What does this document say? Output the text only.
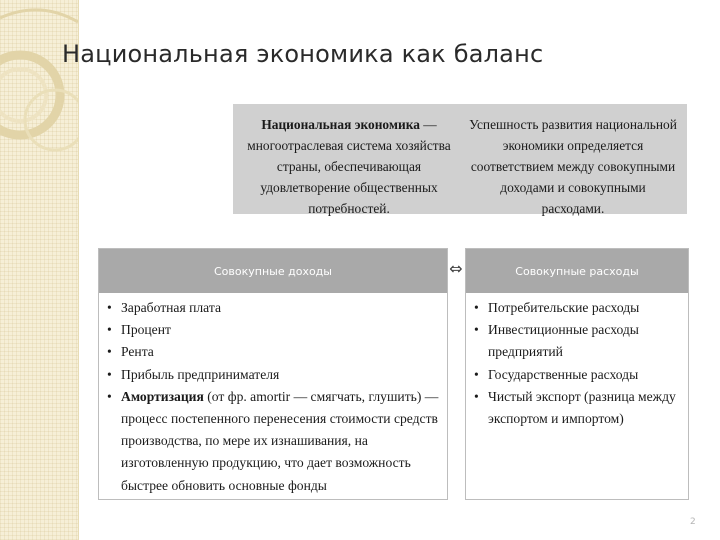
Национальная экономика как баланс
Национальная экономика — многоотраслевая система хозяйства страны, обеспечивающая удовлетворение общественных потребностей.
Успешность развития национальной экономики определяется соответствием между совокупными доходами и совокупными расходами.
Совокупные доходы
• Заработная плата
• Процент
• Рента
• Прибыль предпринимателя
• Амортизация (от фр. amortir — смягчать, глушить) — процесс постепенного перенесения стоимости средств производства, по мере их изнашивания, на изготовленную продукцию, что дает возможность быстрее обновить основные фонды
⇔	Совокупные расходы
• Потребительские расходы
• Инвестиционные расходы предприятий
• Государственные расходы
• Чистый экспорт (разница между экспортом и импортом)
2
